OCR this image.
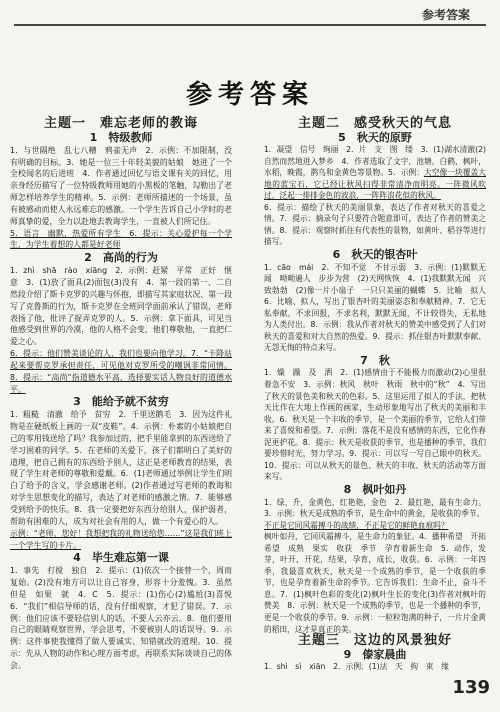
参考答案
参考答案
主题一　难忘老师的教诲
1　特级教师

1．与世隔绝　乱七八糟　鸦雀无声　2．示例：不加限制，没有明确的目标。3．她是一位三十年轻美貌的姑娘　她进了一个全校闻名的后进班　4．作者通过回忆与语文课有关的回忆，用亲身经历描写了一位特级教师用她的小黑板的笔触，勾勒出了老师怎样培养学生的精神。5．示例：老师所描述的一个场景，虽有被感动而使人永远难忘的感激。一个学生告诉自己小学时的老师真挚的爱，全力以赴地去教诲学生，一直被人们所记住。

5．语言　幽默，热爱所有学生　6．提示：关心爱护每一个学生，为学生着想的人都是好老师

2　高尚的行为

1．zhì　shā　rào　xiāng　2．示例：赶紧　平常　正好　惬意　3．(1)放了面具(2)面包(3)没有　4．第一段的第一、二自然段介绍了斯卡克罗的兴趣与怀抱，即描写其家庭状况、第一段写了克鲁斯的行为，斯卡克罗在全班同学面前承认了错误，老师表扬了他，批评了捉弄克罗的人。5．示例：拿下面具，可见当他感受到世界的冷漠，他的人格不会变，他们尊敬他，一直把仁爱之心。

6．提示：他们赞美谈论的人，我们也要向他学习。7．“卡降站起来要帮克罗承担责任，可见他对克罗所受的嘲讽非常同情。8．提示：“高尚”指道德水平高，选择要实话人物良好的道德水平。

3　能给予就不贫穷

1．粗糙　清澈　给予　贫穷　2．千里送鹅毛　3．因为这件礼物是在硬纸板上画的一双“皮鞋”。4．示例：朴素的小姑娘把自己的零用钱送给了吗？我参加过的，把手里能拿到的东西送给了学习困难的同学。5．在老师的关爱下，孩子们都明白了美好的道理，把自己拥有的东西给予别人，这正是老师教育的结果，表现了学生对老师的尊敬和爱戴。6．(1)老师通过举例让学生们明白了给予的含义，学会感谢老师。(2)作者通过写老师的教诲和对学生思想变化的描写，表达了对老师的感激之情。7．能够感受到给予的快乐。8．我一定要把好东西分给别人，保护弱者，帮助有困难的人，成为对社会有用的人，做一个有爱心的人。

示例：“老师，您好！我想把我的礼物送给您……”这是我们班上一个学生写的卡片。

4　毕生难忘第一课

1．事先　打搅　独自　2．提示：(1)依次一个接替一个，周而复始。(2)没有地方可以让自己容身，形容十分羞愧。3．虽然　但是　如果　就　4．C　5．提示：(1)伤心(2)尴尬(3)喜悦　6．“我们”相信导师的话，没有仔细观察，才犯了错误。7．示例：他们应该不要轻信别人的话，不要人云亦云。8．他们要用自己的眼睛观察世界，学会思考，不要被别人的话误导。9．示例：这件事使我懂得了做人要诚实、知错就改的道理。10．提示：先从人物的动作和心理方面考虑，再联系实际谈谈自己的体会。

主题二　感受秋天的气息
5　秋天的原野

1．凝望　信号　绚丽　2．片　支　图　缕　3．(1)湖水清澈(2)自然而然地进入梦乡　4．作者选取了文字，池塘，白鹤，枫叶，水稻，晚霞，鹊鸟和金黄色等景物。5．示例：大空像一块覆盖大地的蓝宝石，它已经让秋风扫得非常清净而明亮。一阵微风吹过，泛起一排排金色的波浪，一阵阵浪花似的秋风。

6．提示：描绘了秋天的美丽景象，表达了作者对秋天的喜爱之情。7．提示：摘录句子只要符合题意即可，表达了作者的赞美之情。8．提示：观察时抓住有代表性的景物，如黄叶、稻谷等进行描写。

6　秋天的银杏叶

1．cāo　mái　2．不知不觉　不甘示弱　3．示例：(1)默默无闻　呦呦遍人　步步为营　(2)天网恢恢　4．(1)我默默无闻　兴致勃勃　(2)像一片小扇子　一只只美丽的蝴蝶　5．比喻　拟人　6．比喻、拟人，写出了银杏叶的美丽姿态和奉献精神。7．它无私奉献，不求回报，不求名利，默默无闻，不计较得失，无私地为人类付出。8．示例：我从作者对秋天的赞美中感受到了人们对秋天的喜爱和对大自然的热爱。9．提示：抓住银杏叶默默奉献、无怨无悔的特点来写。

7　秋

1．燥　躁　及　洒　2．(1)感情由于不能极力而激动(2)心里很着急不安　3．示例：秋风　秋叶　秋雨　秋中的“秋”　4．写出了秋天的景色美和秋天的色彩。5．这里运用了拟人的手法，把秋天比作在大地上作画的画家，生动形象地写出了秋天的美丽和丰收。6．秋天是一个丰收的季节，是一个美丽的季节，它给人们带来了喜悦和希望。7．示例：落花不是没有感情的东西，它化作春泥更护花。8．提示：秋天是收获的季节，也是播种的季节，我们要珍惜时光，努力学习。9．提示：可以写一写自己眼中的秋天。10．提示：可以从秋天的景色、秋天的丰收、秋天的活动等方面来写。

8　枫叶如丹

1．绿，升，金黄色，红艳艳，金色　2．最红艳，最有生命力。3．示例：秋天是成熟的季节，是生命中的黄金，是收获的季节。

不正是它同风霜搏斗的战绩，不正是它的鲜艳血痕吗？

枫叶如丹，它同风霜搏斗，是生命力的象征。4．播种希望　开拓希望　成熟　果实　收获　季节　孕育着新生命　5．动作，发芽，叶开，开花，结果，孕育，成长，收获。6．示例：一年四季，我最喜欢秋天，秋天是一个成熟的季节，是一个收获的季节，也是孕育着新生命的季节。它告诉我们：生命不止，奋斗不息。7．(1)枫叶色彩的变化(2)枫叶生长的变化(3)作者对枫叶的赞美　8．示例：秋天是一个成熟的季节，也是一个播种的季节，更是一个收获的季节。9．示例：一粒粒饱满的种子，一片片金黄的稻田，这才是真正的美。

主题三　这边的风景独好
9　傣家晨曲

1．shì　sì　xiān　2．示例：(1)法　天　拘　束　缘

139
